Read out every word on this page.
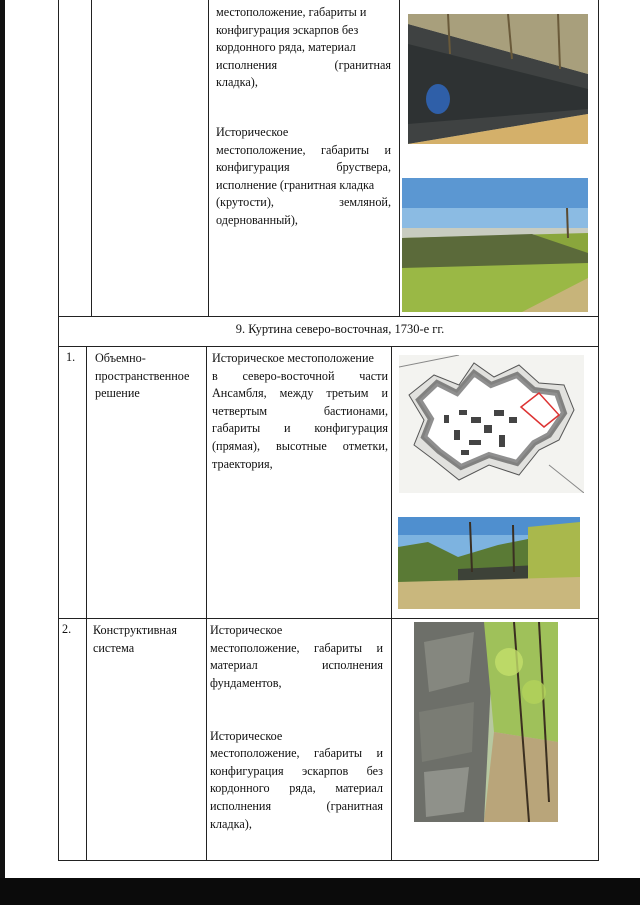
местоположение, габариты и

конфигурация эскарпов без

кордонного ряда, материал

исполнения (гранитная

кладка),

Историческое

местоположение, габариты и

конфигурация бруствера,

исполнение (гранитная кладка

(крутости), земляной,

одернованный),

9. Куртина северо-восточная, 1730-е гг.
1. Объемно-

пространственное

решение

Историческое местоположение

в северо-восточной части

Ансамбля, между третьим и

четвертым бастионами,

габариты и конфигурация

(прямая), высотные отметки,

траектория,

2. Конструктивная

система

Историческое

местоположение, габариты и

материал исполнения

фундаментов,

Историческое

местоположение, габариты и

конфигурация эскарпов без

кордонного ряда, материал

исполнения (гранитная

кладка),
